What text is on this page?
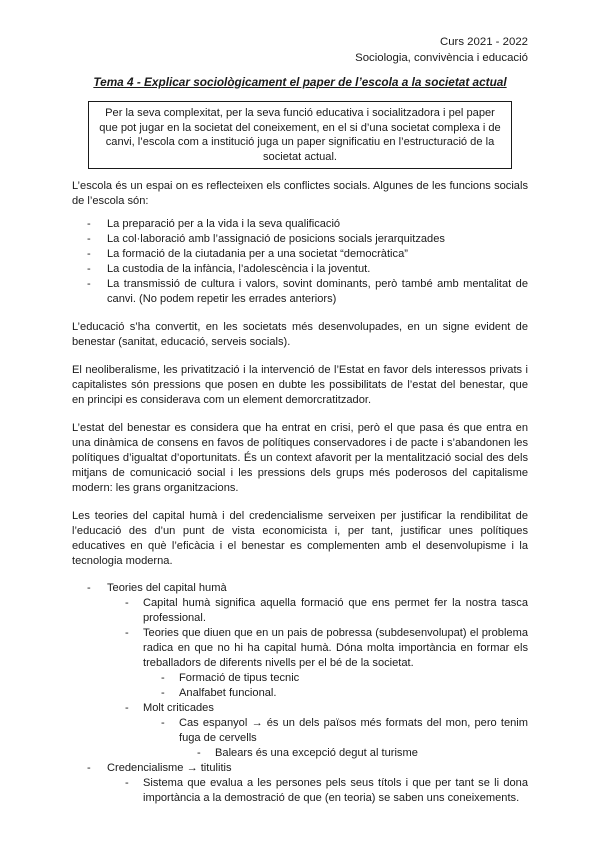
Curs 2021 - 2022
Sociologia, convivència i educació
Tema 4 - Explicar sociològicament el paper de l’escola a la societat actual
Per la seva complexitat, per la seva funció educativa i socialitzadora i pel paper que pot jugar en la societat del coneixement, en el si d’una societat complexa i de canvi, l’escola com a institució juga un paper significatiu en l’estructuració de la societat actual.

L’escola és un espai on es reflecteixen els conflictes socials. Algunes de les funcions socials de l’escola són:

- La preparació per a la vida i la seva qualificació
- La col·laboració amb l’assignació de posicions socials jerarquitzades
- La formació de la ciutadania per a una societat “democràtica”
- La custodia de la infància, l’adolescència i la joventut.
- La transmissió de cultura i valors, sovint dominants, però també amb mentalitat de canvi. (No podem repetir les errades anteriors)

L’educació s’ha convertit, en les societats més desenvolupades, en un signe evident de benestar (sanitat, educació, serveis socials).

El neoliberalisme, les privatització i la intervenció de l’Estat en favor dels interessos privats i capitalistes són pressions que posen en dubte les possibilitats de l’estat del benestar, que en principi es considerava com un element demorcratitzador.

L’estat del benestar es considera que ha entrat en crisi, però el que pasa és que entra en una dinàmica de consens en favos de polítiques conservadores i de pacte i s’abandonen les polítiques d’igualtat d’oportunitats. És un context afavorit per la mentalització social des dels mitjans de comunicació social i les pressions dels grups més poderosos del capitalisme modern: les grans organitzacions.

Les teories del capital humà i del credencialisme serveixen per justificar la rendibilitat de l’educació des d’un punt de vista economicista i, per tant, justificar unes polítiques educatives en què l’eficàcia i el benestar es complementen amb el desenvolupisme i la tecnologia moderna.

- Teories del capital humà
- Capital humà significa aquella formació que ens permet fer la nostra tasca professional.
- Teories que diuen que en un pais de pobressa (subdesenvolupat) el problema radica en que no hi ha capital humà. Dóna molta importància en formar els treballadors de diferents nivells per el bé de la societat.
- Formació de tipus tecnic
- Analfabet funcional.
- Molt criticades
- Cas espanyol → és un dels països més formats del mon, pero tenim fuga de cervells
- Balears és una excepció degut al turisme
- Credencialisme → titulitis
- Sistema que evalua a les persones pels seus títols i que per tant se li dona importància a la demostració de que (en teoria) se saben uns coneixements.
